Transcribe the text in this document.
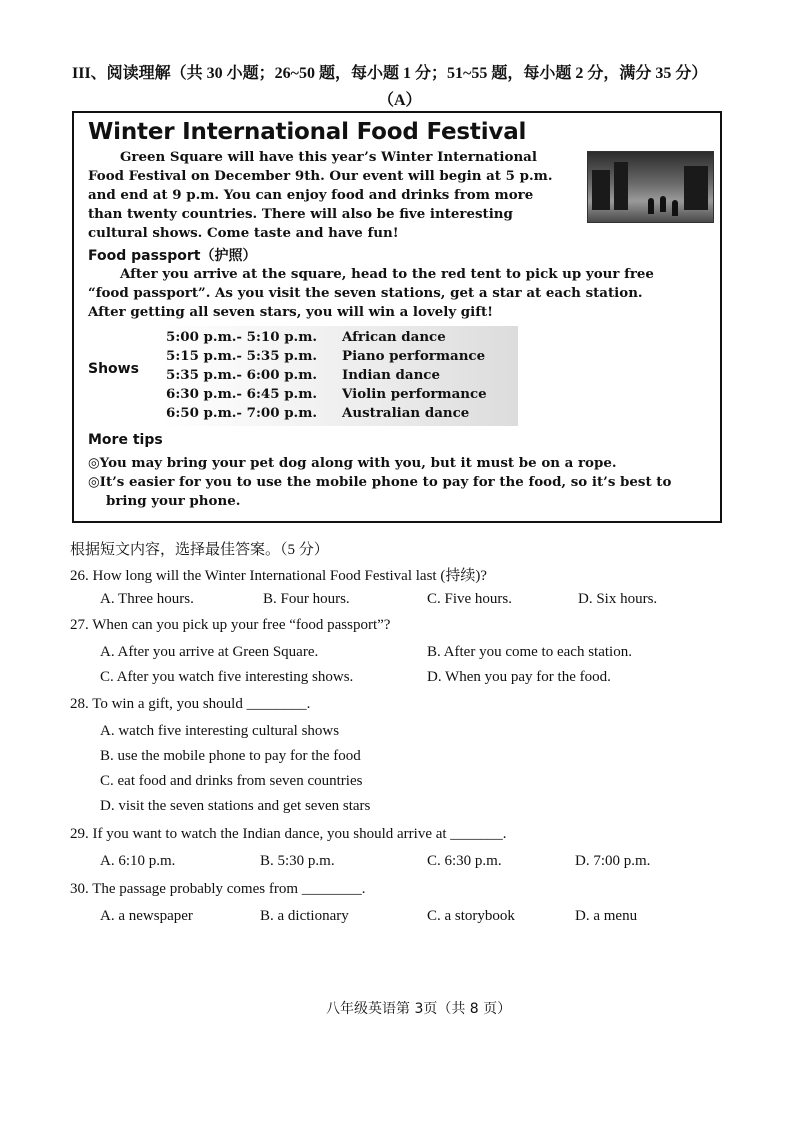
III、阅读理解（共 30 小题；26~50 题，每小题 1 分；51~55 题，每小题 2 分，满分 35 分）
（A）
Winter International Food Festival
Green Square will have this year’s Winter International
Food Festival on December 9th. Our event will begin at 5 p.m.
and end at 9 p.m. You can enjoy food and drinks from more
than twenty countries. There will also be five interesting
cultural shows. Come taste and have fun!
Food passport（护照）
After you arrive at the square, head to the red tent to pick up your free
“food passport”. As you visit the seven stations, get a star at each station.
After getting all seven stars, you will win a lovely gift!
Shows
5:00 p.m.- 5:10 p.m. African dance
5:15 p.m.- 5:35 p.m. Piano performance
5:35 p.m.- 6:00 p.m. Indian dance
6:30 p.m.- 6:45 p.m. Violin performance
6:50 p.m.- 7:00 p.m. Australian dance
More tips
◎You may bring your pet dog along with you, but it must be on a rope.
◎It’s easier for you to use the mobile phone to pay for the food, so it’s best to
bring your phone.
根据短文内容，选择最佳答案。（5 分）
26. How long will the Winter International Food Festival last (持续)?
A. Three hours.	B. Four hours.	C. Five hours.	D. Six hours.
27. When can you pick up your free “food passport”?
A. After you arrive at Green Square.	B. After you come to each station.
C. After you watch five interesting shows.	D. When you pay for the food.
28. To win a gift, you should ________.
A. watch five interesting cultural shows
B. use the mobile phone to pay for the food
C. eat food and drinks from seven countries
D. visit the seven stations and get seven stars
29. If you want to watch the Indian dance, you should arrive at _______.
A. 6:10 p.m.	B. 5:30 p.m.	C. 6:30 p.m.	D. 7:00 p.m.
30. The passage probably comes from ________.
A. a newspaper	B. a dictionary	C. a storybook	D. a menu
八年级英语第 3页（共 8 页）
